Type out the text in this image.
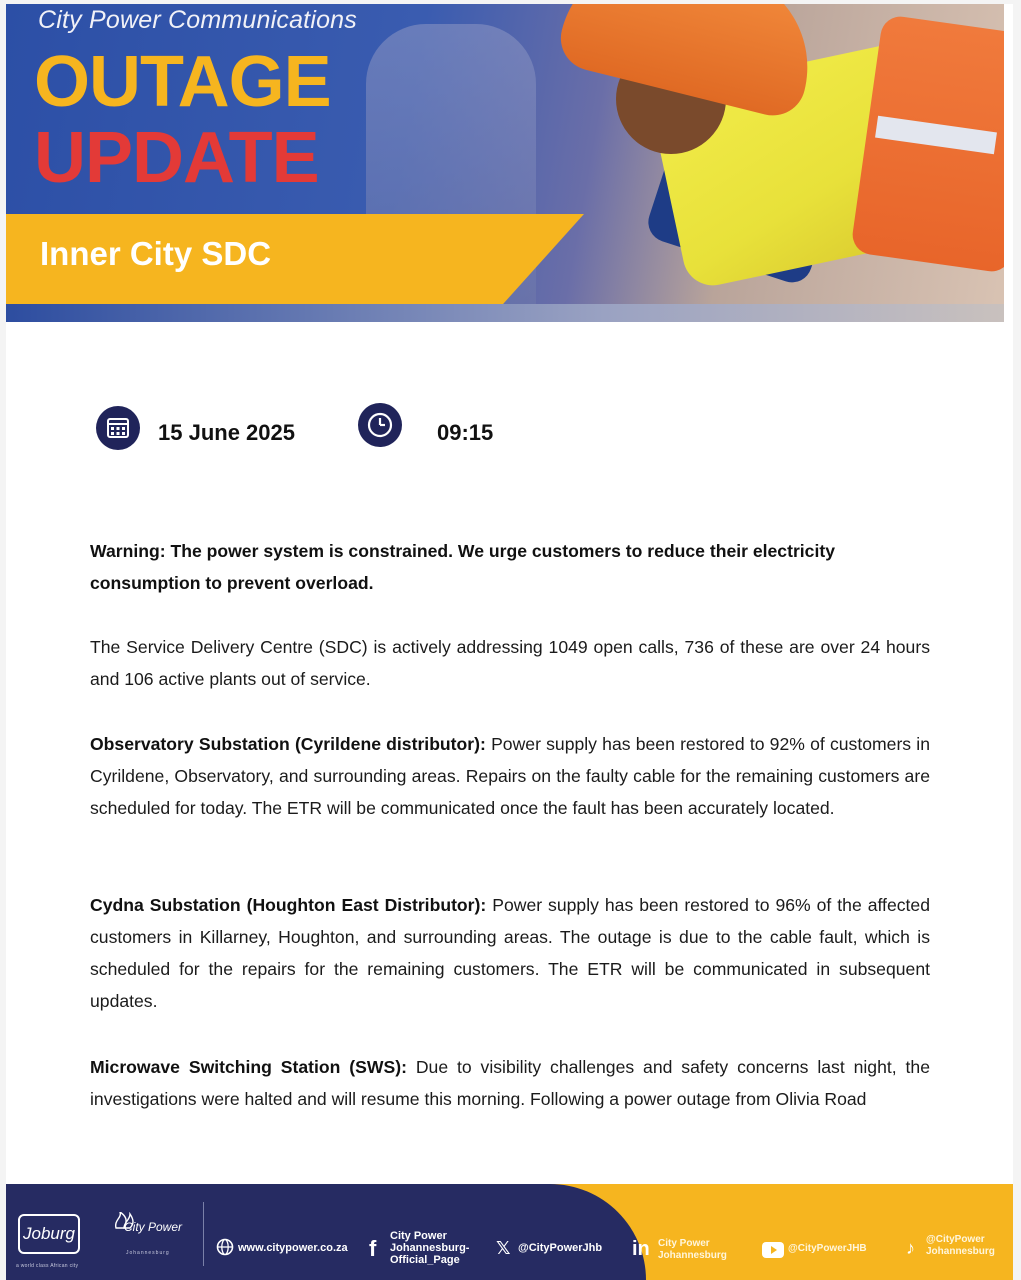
City Power Communications
OUTAGE
UPDATE
Inner City SDC
15 June 2025	09:15
Warning: The power system is constrained. We urge customers to reduce their electricity consumption to prevent overload.
The Service Delivery Centre (SDC) is actively addressing 1049 open calls, 736 of these are over 24 hours and 106 active plants out of service.
Observatory Substation (Cyrildene distributor): Power supply has been restored to 92% of customers in Cyrildene, Observatory, and surrounding areas. Repairs on the faulty cable for the remaining customers are scheduled for today. The ETR will be communicated once the fault has been accurately located.
Cydna Substation (Houghton East Distributor): Power supply has been restored to 96% of the affected customers in Killarney, Houghton, and surrounding areas. The outage is due to the cable fault, which is scheduled for the repairs for the remaining customers. The ETR will be communicated in subsequent updates.
Microwave Switching Station (SWS): Due to visibility challenges and safety concerns last night, the investigations were halted and will resume this morning. Following a power outage from Olivia Road
Joburg
a world class African city
City Power
Johannesburg	www.citypower.co.za f City Power Johannesburg-Official_Page
𝕏 @CityPowerJhb in City Power Johannesburg
@CityPowerJHB ♪ @CityPower Johannesburg
